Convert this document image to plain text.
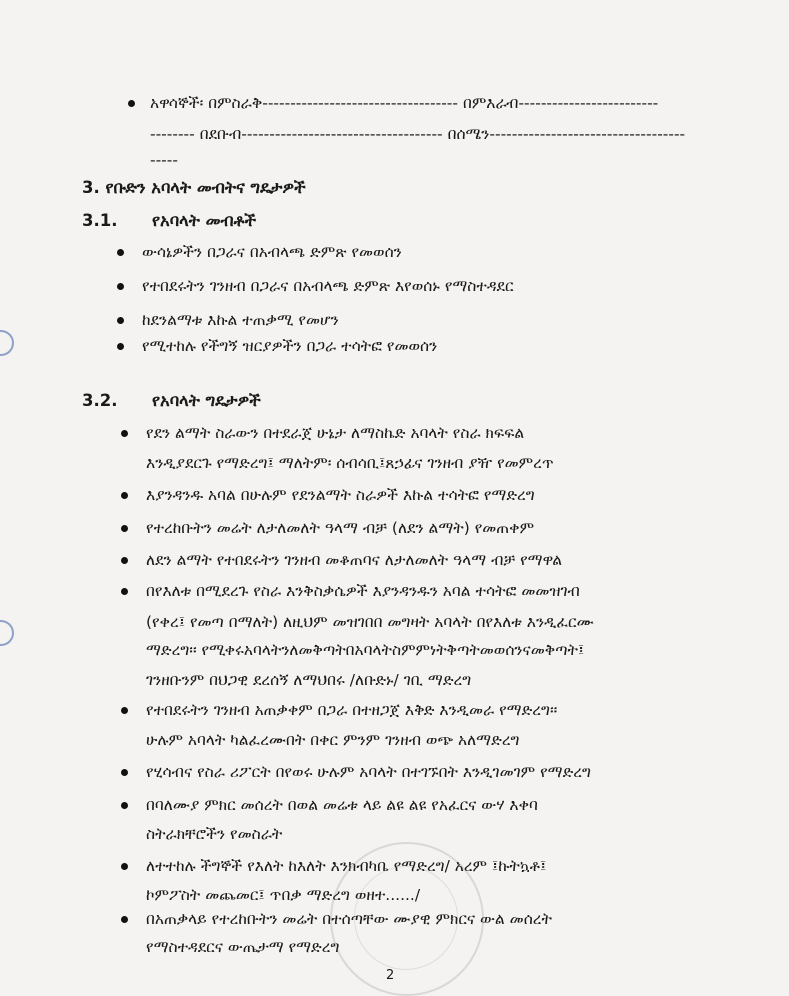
አዋሳኞች፡ በምስራቅ----------------------------------- በምእራብ-------------------------
-------- በደቡብ------------------------------------ በሰሜን-----------------------------------
-----
3. የቡድን አባላት መብትና ግዴታዎች
3.1. የአባላት መብቶች
ውሳኔዎችን በጋራና በአብላጫ ድምጽ የመወሰን
የተበደሩትን ገንዘብ በጋራና በአብላጫ ድምጽ እየወሰኑ የማስተዳደር
ከደንልማቱ እኩል ተጠቃሚ የመሆን
የሚተከሉ የችግኝ ዝርያዎችን በጋራ ተሳትፎ የመወሰን
3.2. የአባላት ግዴታዎች
የደን ልማት ስራውን በተደራጀ ሁኔታ ለማስኬድ አባላት የስራ ክፍፍል
እንዲያደርጉ የማድረግ፤ ማለትም፡ ሰብሳቢ፤ጸኃፊና ገንዘብ ያዥ የመምረጥ
እያንዳንዱ አባል በሁሉም የደንልማት ስራዎች እኩል ተሳትፎ የማድረግ
የተረከቡትን መሬት ለታለመለት ዓላማ ብቻ (ለደን ልማት) የመጠቀም
ለደን ልማት የተበደሩትን ገንዘብ መቆጠባና ለታለመለት ዓላማ ብቻ የማዋል
በየእለቱ በሚደረጉ የስራ እንቅስቃሴዎች እያንዳንዱን አባል ተሳትፎ መመዝገብ
(የቀረ፤ የመጣ በማለት) ለዚህም መዝገበበ መግዛት አባላት በየእለቱ እንዲፈርሙ
ማድረግ፡፡ የሚቀሩአባላትንለመቅጣትበአባላትስምምነትቅጣትመወሰንናመቅጣት፤
ገንዘቡንም በህጋዊ ደረሰኝ ለማህበሩ /ለቡድኑ/ ገቢ ማድረግ
የተበደሩትን ገንዘብ አጠቃቀም በጋራ በተዘጋጀ እቅድ እንዲመራ የማድረግ፡፡
ሁሉም አባላት ካልፈረሙበት በቀር ምንም ገንዘብ ወጭ አለማድረግ
የሂሳብና የስራ ሪፖርት በየወሩ ሁሉም አባላት በተገኙበት እንዲገመገም የማድረግ
በባለሙያ ምክር መሰረት በወል መሬቱ ላይ ልዩ ልዩ የአፈርና ውሃ እቀባ
ስትራክቸሮችን የመስራት
ለተተከሉ ችግኞች የእለት ከእለት እንክብካቤ የማድረግ/ አረም ፤ኩትኳቶ፤
ኮምፖስት መጨመር፤ ጥበቃ ማድረግ ወዘተ....../
በአጠቃላይ የተረከቡትን መሬት በተሰጣቸው ሙያዊ ምክርና ውል መሰረት
የማስተዳደርና ውጤታማ የማድረግ
2
